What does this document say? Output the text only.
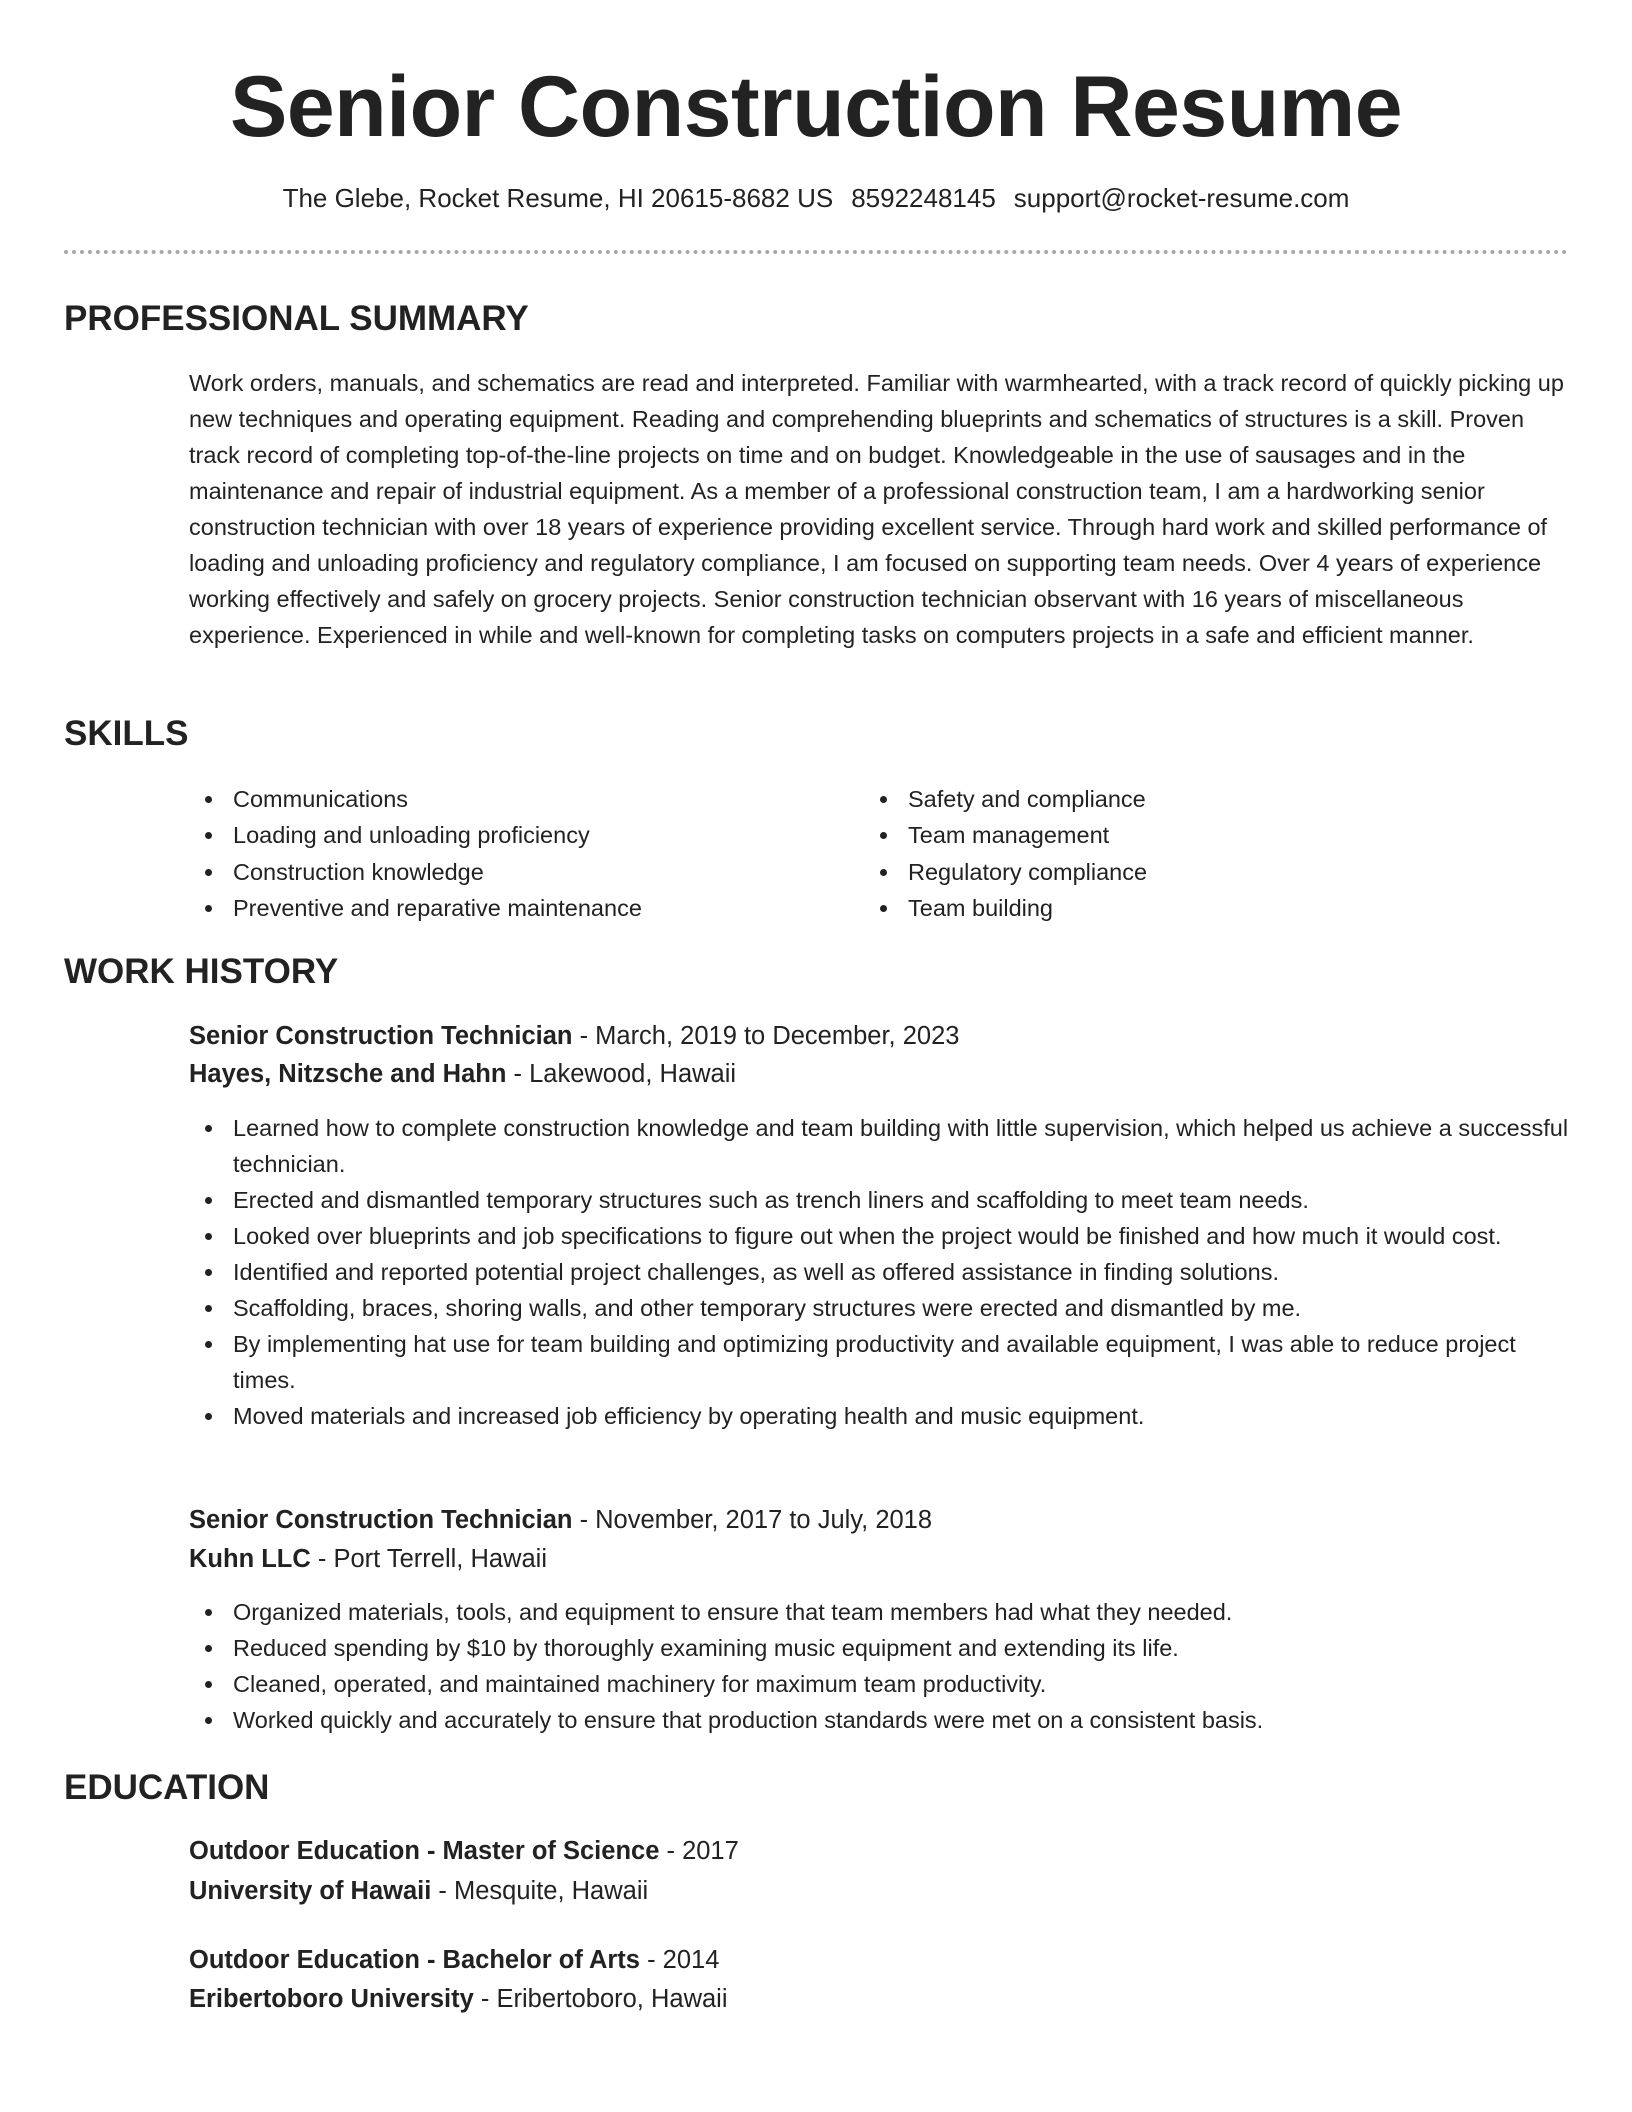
Senior Construction Resume
The Glebe, Rocket Resume, HI 20615-8682 US 8592248145 support@rocket-resume.com
PROFESSIONAL SUMMARY

Work orders, manuals, and schematics are read and interpreted. Familiar with warmhearted, with a track record of quickly picking up new techniques and operating equipment. Reading and comprehending blueprints and schematics of structures is a skill. Proven track record of completing top-of-the-line projects on time and on budget. Knowledgeable in the use of sausages and in the maintenance and repair of industrial equipment. As a member of a professional construction team, I am a hardworking senior construction technician with over 18 years of experience providing excellent service. Through hard work and skilled performance of loading and unloading proficiency and regulatory compliance, I am focused on supporting team needs. Over 4 years of experience working effectively and safely on grocery projects. Senior construction technician observant with 16 years of miscellaneous experience. Experienced in while and well-known for completing tasks on computers projects in a safe and efficient manner.

SKILLS
Communications
Loading and unloading proficiency
Construction knowledge
Preventive and reparative maintenance
Safety and compliance
Team management
Regulatory compliance
Team building
WORK HISTORY
Senior Construction Technician - March, 2019 to December, 2023
Hayes, Nitzsche and Hahn - Lakewood, Hawaii
Learned how to complete construction knowledge and team building with little supervision, which helped us achieve a successful technician.
Erected and dismantled temporary structures such as trench liners and scaffolding to meet team needs.
Looked over blueprints and job specifications to figure out when the project would be finished and how much it would cost.
Identified and reported potential project challenges, as well as offered assistance in finding solutions.
Scaffolding, braces, shoring walls, and other temporary structures were erected and dismantled by me.
By implementing hat use for team building and optimizing productivity and available equipment, I was able to reduce project times.
Moved materials and increased job efficiency by operating health and music equipment.
Senior Construction Technician - November, 2017 to July, 2018
Kuhn LLC - Port Terrell, Hawaii
Organized materials, tools, and equipment to ensure that team members had what they needed.
Reduced spending by $10 by thoroughly examining music equipment and extending its life.
Cleaned, operated, and maintained machinery for maximum team productivity.
Worked quickly and accurately to ensure that production standards were met on a consistent basis.
EDUCATION
Outdoor Education - Master of Science - 2017
University of Hawaii - Mesquite, Hawaii
Outdoor Education - Bachelor of Arts - 2014
Eribertoboro University - Eribertoboro, Hawaii
